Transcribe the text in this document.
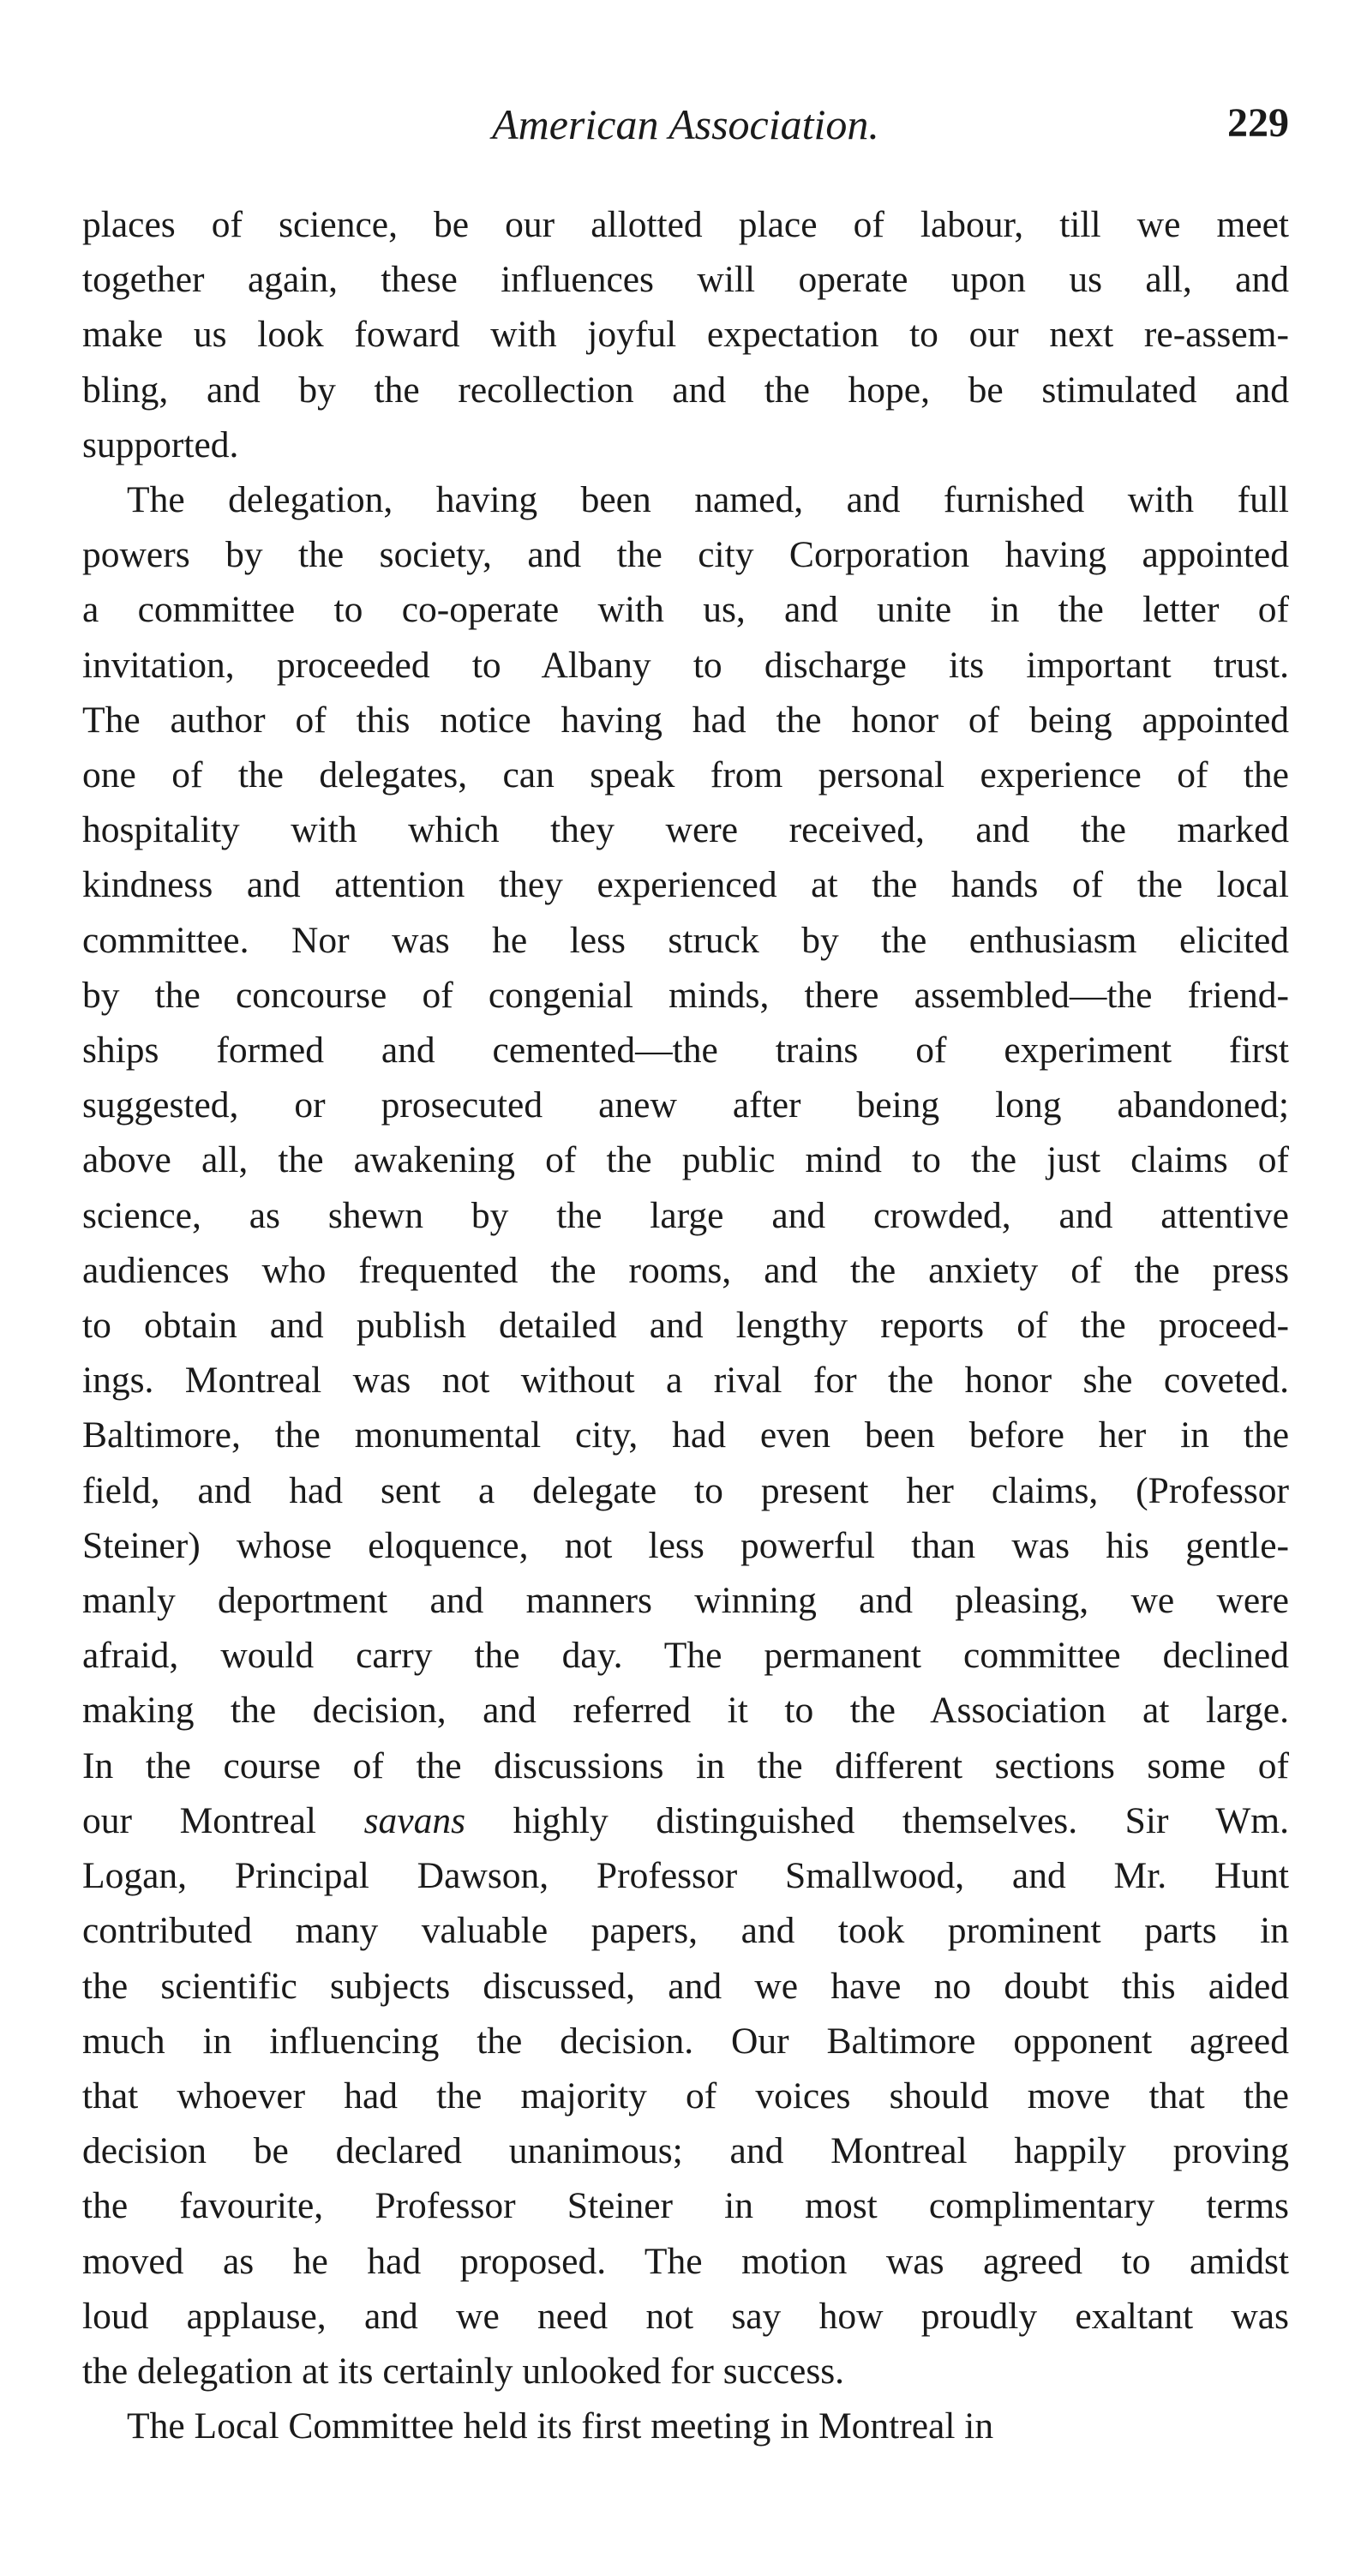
American Association.	229

places of science, be our allotted place of labour, till we meet
together again, these influences will operate upon us all, and
make us look foward with joyful expectation to our next re-assem-
bling, and by the recollection and the hope, be stimulated and
supported.

The delegation, having been named, and furnished with full
powers by the society, and the city Corporation having appointed
a committee to co-operate with us, and unite in the letter of
invitation, proceeded to Albany to discharge its important trust.
The author of this notice having had the honor of being appointed
one of the delegates, can speak from personal experience of the
hospitality with which they were received, and the marked
kindness and attention they experienced at the hands of the local
committee. Nor was he less struck by the enthusiasm elicited
by the concourse of congenial minds, there assembled—the friend-
ships formed and cemented—the trains of experiment first
suggested, or prosecuted anew after being long abandoned;
above all, the awakening of the public mind to the just claims of
science, as shewn by the large and crowded, and attentive
audiences who frequented the rooms, and the anxiety of the press
to obtain and publish detailed and lengthy reports of the proceed-
ings. Montreal was not without a rival for the honor she coveted.
Baltimore, the monumental city, had even been before her in the
field, and had sent a delegate to present her claims, (Professor
Steiner) whose eloquence, not less powerful than was his gentle-
manly deportment and manners winning and pleasing, we were
afraid, would carry the day. The permanent committee declined
making the decision, and referred it to the Association at large.
In the course of the discussions in the different sections some of
our Montreal savans highly distinguished themselves. Sir Wm.
Logan, Principal Dawson, Professor Smallwood, and Mr. Hunt
contributed many valuable papers, and took prominent parts in
the scientific subjects discussed, and we have no doubt this aided
much in influencing the decision. Our Baltimore opponent agreed
that whoever had the majority of voices should move that the
decision be declared unanimous; and Montreal happily proving
the favourite, Professor Steiner in most complimentary terms
moved as he had proposed. The motion was agreed to amidst
loud applause, and we need not say how proudly exaltant was
the delegation at its certainly unlooked for success.

The Local Committee held its first meeting in Montreal in
